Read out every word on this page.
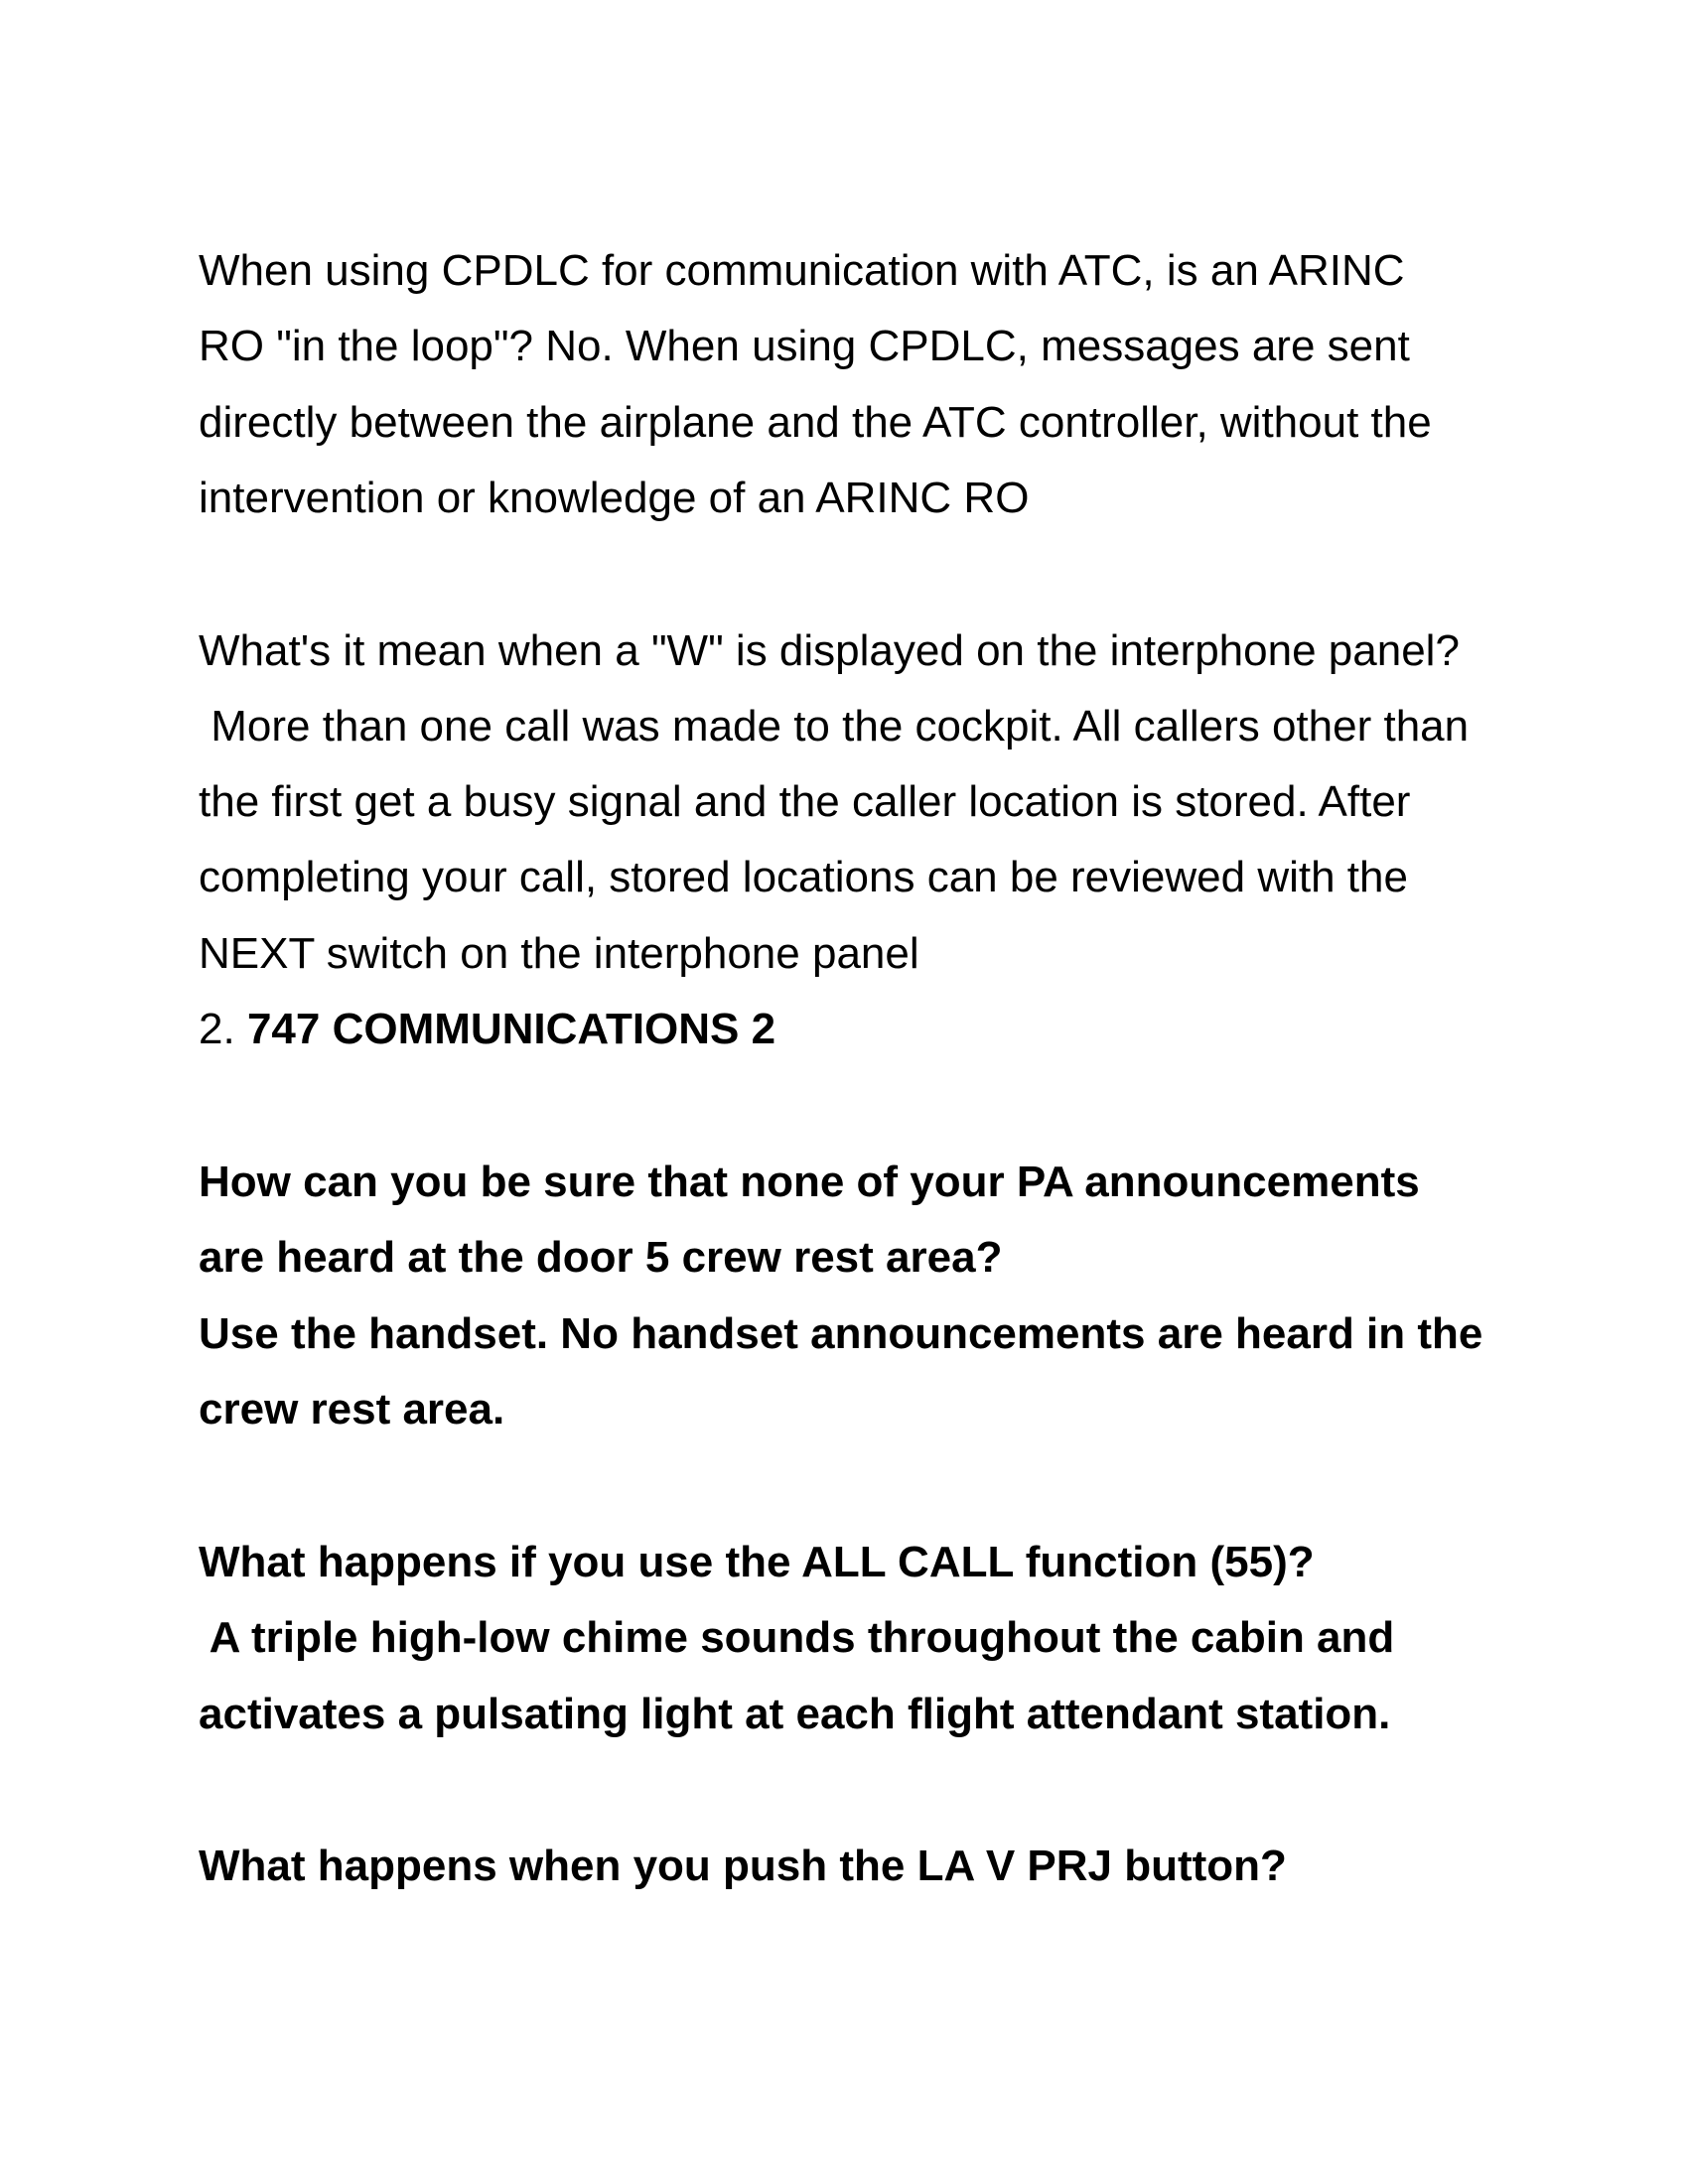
When using CPDLC for communication with ATC, is an ARINC

RO "in the loop"? No. When using CPDLC, messages are sent

directly between the airplane and the ATC controller, without the

intervention or knowledge of an ARINC RO

What's it mean when a "W" is displayed on the interphone panel?

More than one call was made to the cockpit. All callers other than

the first get a busy signal and the caller location is stored. After

completing your call, stored locations can be reviewed with the

NEXT switch on the interphone panel

2. 747 COMMUNICATIONS 2

How can you be sure that none of your PA announcements

are heard at the door 5 crew rest area?

Use the handset. No handset announcements are heard in the

crew rest area.

What happens if you use the ALL CALL function (55)?

A triple high-low chime sounds throughout the cabin and

activates a pulsating light at each flight attendant station.

What happens when you push the LA V PRJ button?
